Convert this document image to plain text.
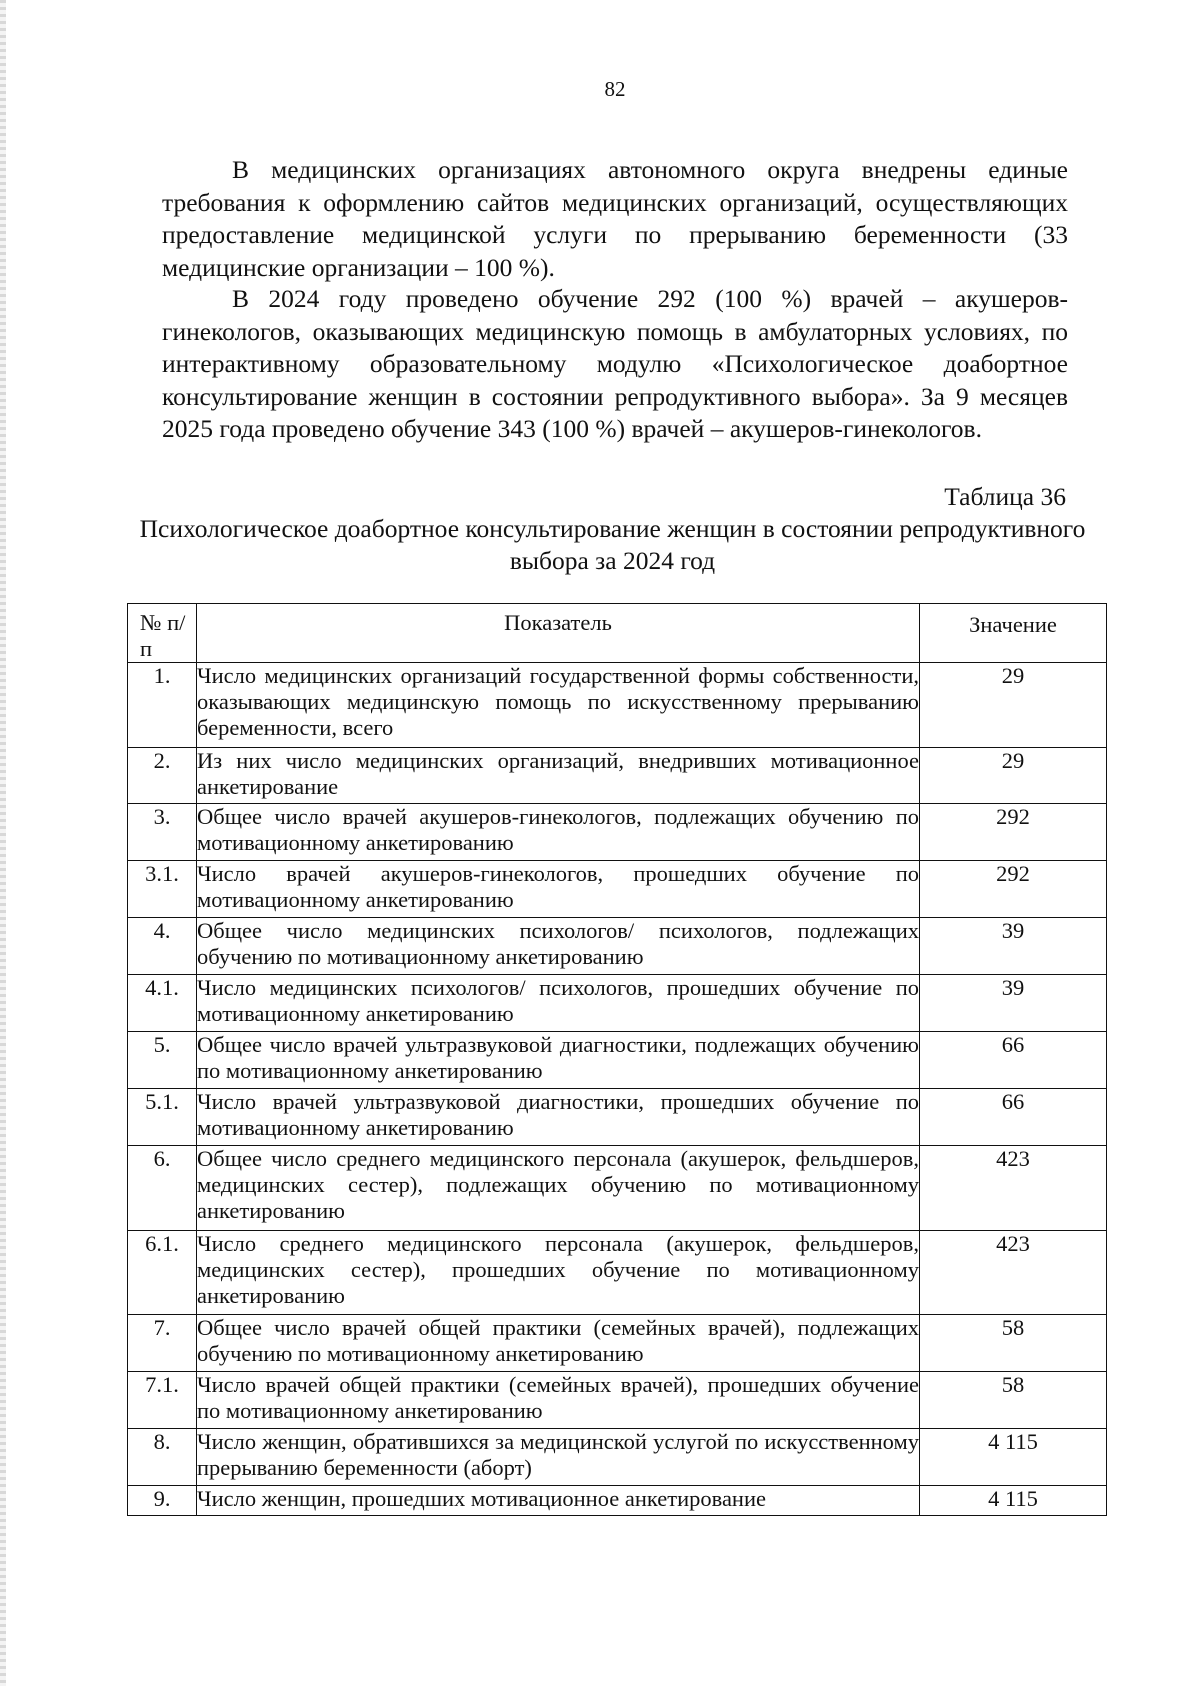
82

В медицинских организациях автономного округа внедрены единые требования к оформлению сайтов медицинских организаций, осуществляющих предоставление медицинской услуги по прерыванию беременности (33 медицинские организации – 100 %).

В 2024 году проведено обучение 292 (100 %) врачей – акушеров-гинекологов, оказывающих медицинскую помощь в амбулаторных условиях, по интерактивному образовательному модулю «Психологическое доабортное консультирование женщин в состоянии репродуктивного выбора». За 9 месяцев 2025 года проведено обучение 343 (100 %) врачей – акушеров-гинекологов.

Таблица 36
Психологическое доабортное консультирование женщин в состоянии репродуктивного выбора за 2024 год
№ п/п	Показатель	Значение
1.	Число медицинских организаций государственной формы собственности, оказывающих медицинскую помощь по искусственному прерыванию беременности, всего	29
2.	Из них число медицинских организаций, внедривших мотивационное анкетирование	29
3.	Общее число врачей акушеров-гинекологов, подлежащих обучению по мотивационному анкетированию	292
3.1.	Число врачей акушеров-гинекологов, прошедших обучение по мотивационному анкетированию	292
4.	Общее число медицинских психологов/ психологов, подлежащих обучению по мотивационному анкетированию	39
4.1.	Число медицинских психологов/ психологов, прошедших обучение по мотивационному анкетированию	39
5.	Общее число врачей ультразвуковой диагностики, подлежащих обучению по мотивационному анкетированию	66
5.1.	Число врачей ультразвуковой диагностики, прошедших обучение по мотивационному анкетированию	66
6.	Общее число среднего медицинского персонала (акушерок, фельдшеров, медицинских сестер), подлежащих обучению по мотивационному анкетированию	423
6.1.	Число среднего медицинского персонала (акушерок, фельдшеров, медицинских сестер), прошедших обучение по мотивационному анкетированию	423
7.	Общее число врачей общей практики (семейных врачей), подлежащих обучению по мотивационному анкетированию	58
7.1.	Число врачей общей практики (семейных врачей), прошедших обучение по мотивационному анкетированию	58
8.	Число женщин, обратившихся за медицинской услугой по искусственному прерыванию беременности (аборт)	4 115
9.	Число женщин, прошедших мотивационное анкетирование	4 115
